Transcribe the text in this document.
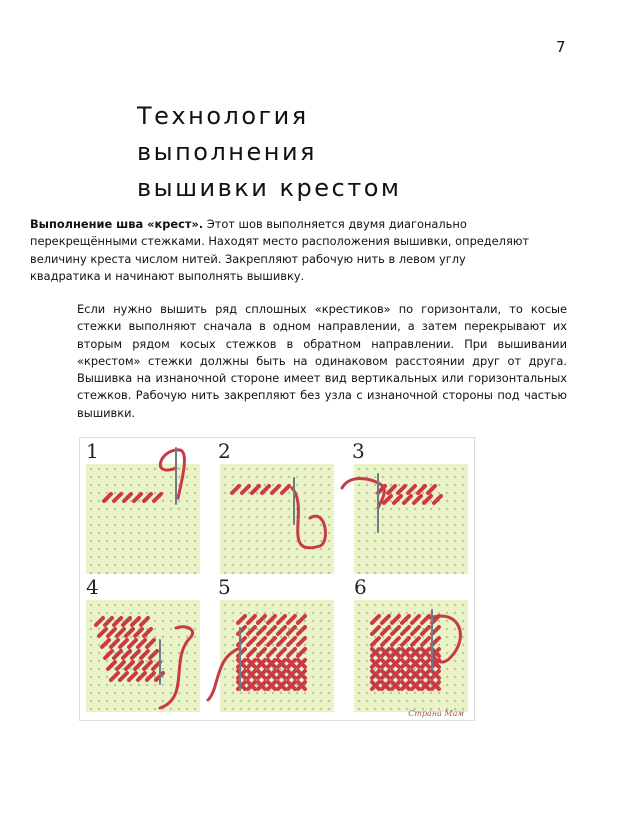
7
Технология
выполнения
вышивки крестом

Выполнение шва «крест». Этот шов выполняется двумя диагонально перекрещёнными стежками. Находят место расположения вышивки, определяют величину креста числом нитей. Закрепляют рабочую нить в левом углу квадратика и начинают выполнять вышивку.

Если нужно вышить ряд сплошных «крестиков» по горизонтали, то косые стежки выполняют сначала в одном направлении, а затем перекрывают их вторым рядом косых стежков в обратном направлении. При вышивании «крестом» стежки должны быть на одинаковом расстоянии друг от друга. Вышивка на изнаночной стороне имеет вид вертикальных или горизонтальных стежков. Рабочую нить закрепляют без узла с изнаночной стороны под частью вышивки.

1	2	3
4	5	6
Страна Мам
